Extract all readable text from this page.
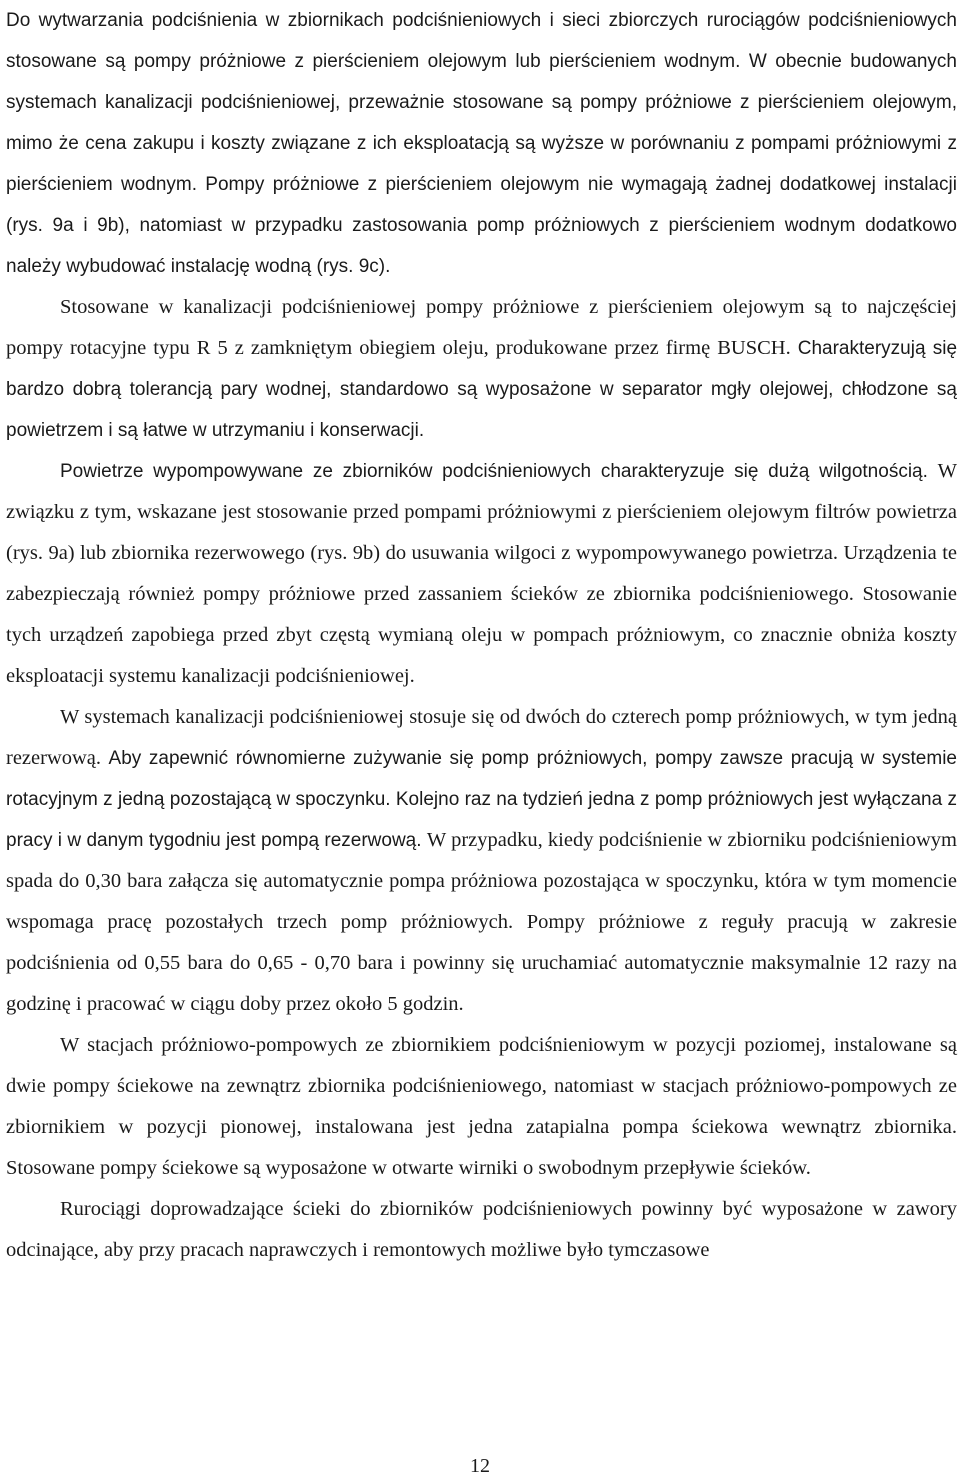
Do wytwarzania podciśnienia w zbiornikach podciśnieniowych i sieci zbiorczych rurociągów podciśnieniowych stosowane są pompy próżniowe z pierścieniem olejowym lub pierścieniem wodnym. W obecnie budowanych systemach kanalizacji podciśnieniowej, przeważnie stosowane są pompy próżniowe z pierścieniem olejowym, mimo że cena zakupu i koszty związane z ich eksploatacją są wyższe w porównaniu z pompami próżniowymi z pierścieniem wodnym. Pompy próżniowe z pierścieniem olejowym nie wymagają żadnej dodatkowej instalacji (rys. 9a i 9b), natomiast w przypadku zastosowania pomp próżniowych z pierścieniem wodnym dodatkowo należy wybudować instalację wodną (rys. 9c).

Stosowane w kanalizacji podciśnieniowej pompy próżniowe z pierścieniem olejowym są to najczęściej pompy rotacyjne typu R 5 z zamkniętym obiegiem oleju, produkowane przez firmę BUSCH. Charakteryzują się bardzo dobrą tolerancją pary wodnej, standardowo są wyposażone w separator mgły olejowej, chłodzone są powietrzem i są łatwe w utrzymaniu i konserwacji.

Powietrze wypompowywane ze zbiorników podciśnieniowych charakteryzuje się dużą wilgotnością. W związku z tym, wskazane jest stosowanie przed pompami próżniowymi z pierścieniem olejowym filtrów powietrza (rys. 9a) lub zbiornika rezerwowego (rys. 9b) do usuwania wilgoci z wypompowywanego powietrza. Urządzenia te zabezpieczają również pompy próżniowe przed zassaniem ścieków ze zbiornika podciśnieniowego. Stosowanie tych urządzeń zapobiega przed zbyt częstą wymianą oleju w pompach próżniowym, co znacznie obniża koszty eksploatacji systemu kanalizacji podciśnieniowej.

W systemach kanalizacji podciśnieniowej stosuje się od dwóch do czterech pomp próżniowych, w tym jedną rezerwową. Aby zapewnić równomierne zużywanie się pomp próżniowych, pompy zawsze pracują w systemie rotacyjnym z jedną pozostającą w spoczynku. Kolejno raz na tydzień jedna z pomp próżniowych jest wyłączana z pracy i w danym tygodniu jest pompą rezerwową. W przypadku, kiedy podciśnienie w zbiorniku podciśnieniowym spada do 0,30 bara załącza się automatycznie pompa próżniowa pozostająca w spoczynku, która w tym momencie wspomaga pracę pozostałych trzech pomp próżniowych. Pompy próżniowe z reguły pracują w zakresie podciśnienia od 0,55 bara do 0,65 - 0,70 bara i powinny się uruchamiać automatycznie maksymalnie 12 razy na godzinę i pracować w ciągu doby przez około 5 godzin.

W stacjach próżniowo-pompowych ze zbiornikiem podciśnieniowym w pozycji poziomej, instalowane są dwie pompy ściekowe na zewnątrz zbiornika podciśnieniowego, natomiast w stacjach próżniowo-pompowych ze zbiornikiem w pozycji pionowej, instalowana jest jedna zatapialna pompa ściekowa wewnątrz zbiornika. Stosowane pompy ściekowe są wyposażone w otwarte wirniki o swobodnym przepływie ścieków.

Rurociągi doprowadzające ścieki do zbiorników podciśnieniowych powinny być wyposażone w zawory odcinające, aby przy pracach naprawczych i remontowych możliwe było tymczasowe

12
